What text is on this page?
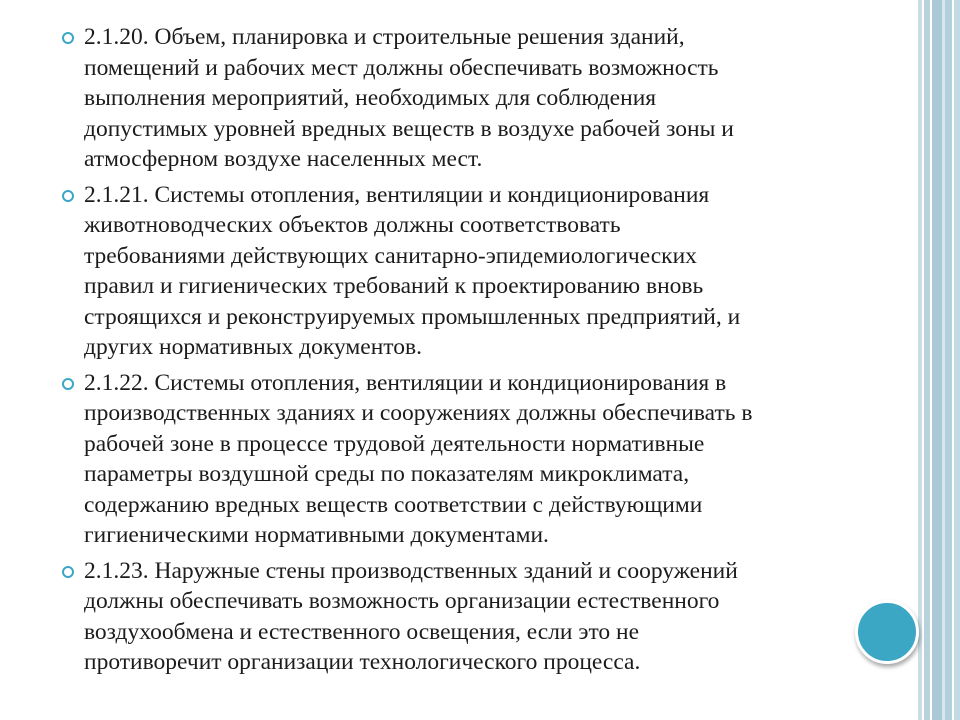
2.1.20. Объем, планировка и строительные решения зданий,
помещений и рабочих мест должны обеспечивать возможность
выполнения мероприятий, необходимых для соблюдения
допустимых уровней вредных веществ в воздухе рабочей зоны и
атмосферном воздухе населенных мест.
2.1.21. Системы отопления, вентиляции и кондиционирования
животноводческих объектов должны соответствовать
требованиями действующих санитарно-эпидемиологических
правил и гигиенических требований к проектированию вновь
строящихся и реконструируемых промышленных предприятий, и
других нормативных документов.
2.1.22. Системы отопления, вентиляции и кондиционирования в
производственных зданиях и сооружениях должны обеспечивать в
рабочей зоне в процессе трудовой деятельности нормативные
параметры воздушной среды по показателям микроклимата,
содержанию вредных веществ соответствии с действующими
гигиеническими нормативными документами.
2.1.23. Наружные стены производственных зданий и сооружений
должны обеспечивать возможность организации естественного
воздухообмена и естественного освещения, если это не
противоречит организации технологического процесса.
